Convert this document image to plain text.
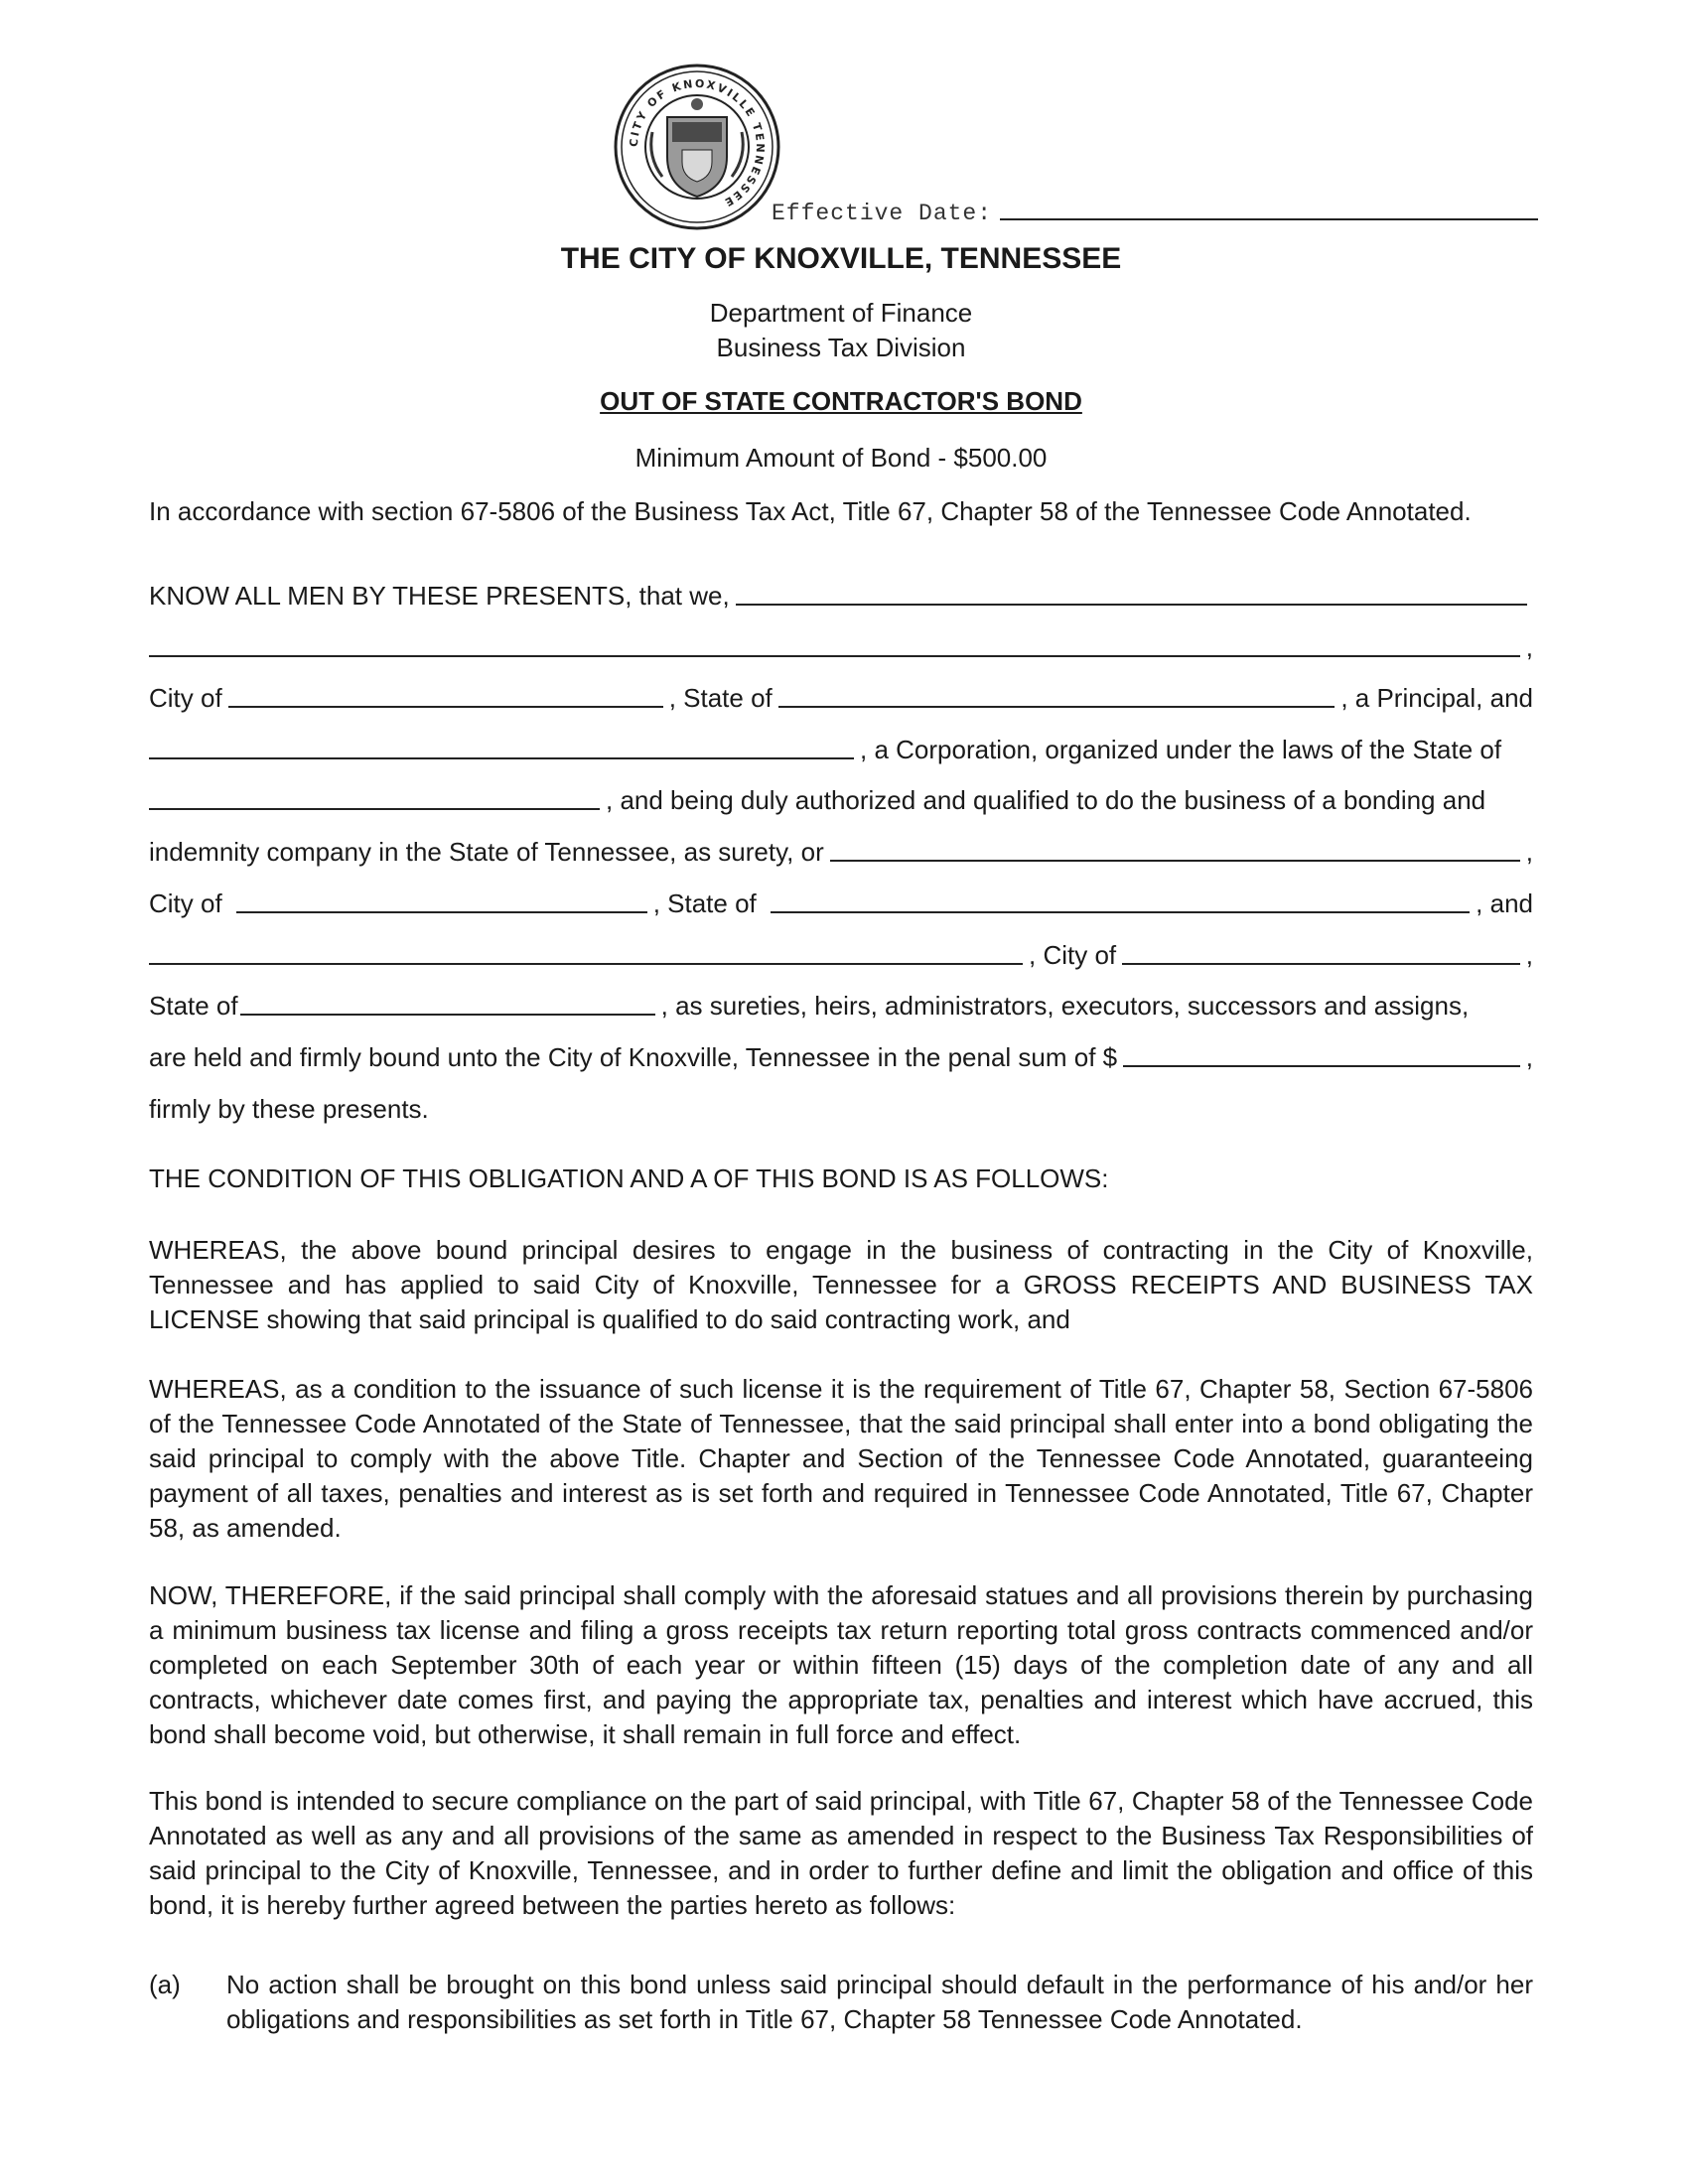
CITY OF KNOXVILLE TENNESSEE	Effective Date:
THE CITY OF KNOXVILLE, TENNESSEE
Department of Finance
Business Tax Division
OUT OF STATE CONTRACTOR'S BOND
Minimum Amount of Bond - $500.00
In accordance with section 67-5806 of the Business Tax Act, Title 67, Chapter 58 of the Tennessee Code Annotated.
KNOW ALL MEN BY THESE PRESENTS, that we,
,
City of	, State of	, a Principal, and
, a Corporation, organized under the laws of the State of
, and being duly authorized and qualified to do the business of a bonding and
indemnity company in the State of Tennessee, as surety, or	,
City of	, State of	, and
, City of	,
State of	, as sureties, heirs, administrators, executors, successors and assigns,
are held and firmly bound unto the City of Knoxville, Tennessee in the penal sum of $	,
firmly by these presents.
THE CONDITION OF THIS OBLIGATION AND A OF THIS BOND IS AS FOLLOWS:

WHEREAS, the above bound principal desires to engage in the business of contracting in the City of Knoxville, Tennessee and has applied to said City of Knoxville, Tennessee for a GROSS RECEIPTS AND BUSINESS TAX LICENSE showing that said principal is qualified to do said contracting work, and

WHEREAS, as a condition to the issuance of such license it is the requirement of Title 67, Chapter 58, Section 67-5806 of the Tennessee Code Annotated of the State of Tennessee, that the said principal shall enter into a bond obligating the said principal to comply with the above Title. Chapter and Section of the Tennessee Code Annotated, guaranteeing payment of all taxes, penalties and interest as is set forth and required in Tennessee Code Annotated, Title 67, Chapter 58, as amended.

NOW, THEREFORE, if the said principal shall comply with the aforesaid statues and all provisions therein by purchasing a minimum business tax license and filing a gross receipts tax return reporting total gross contracts commenced and/or completed on each September 30th of each year or within fifteen (15) days of the completion date of any and all contracts, whichever date comes first, and paying the appropriate tax, penalties and interest which have accrued, this bond shall become void, but otherwise, it shall remain in full force and effect.

This bond is intended to secure compliance on the part of said principal, with Title 67, Chapter 58 of the Tennessee Code Annotated as well as any and all provisions of the same as amended in respect to the Business Tax Responsibilities of said principal to the City of Knoxville, Tennessee, and in order to further define and limit the obligation and office of this bond, it is hereby further agreed between the parties hereto as follows:

(a) No action shall be brought on this bond unless said principal should default in the performance of his and/or her obligations and responsibilities as set forth in Title 67, Chapter 58 Tennessee Code Annotated.
